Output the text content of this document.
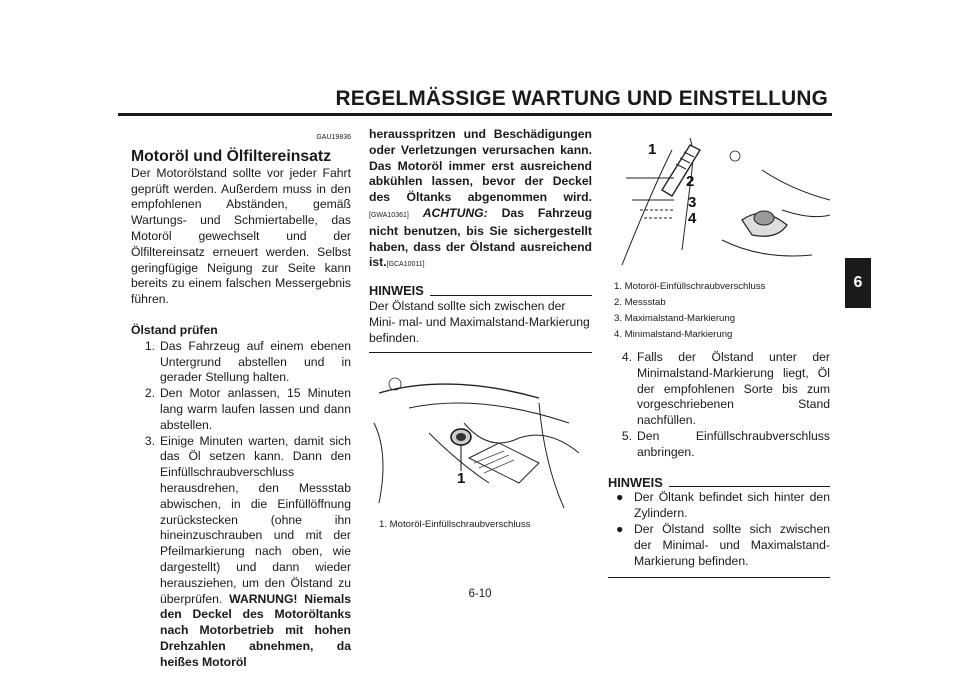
REGELMÄSSIGE WARTUNG UND EINSTELLUNG
6
GAU19836
Motoröl und Ölfiltereinsatz

Der Motorölstand sollte vor jeder Fahrt geprüft werden. Außerdem muss in den empfohlenen Abständen, gemäß Wartungs- und Schmiertabelle, das Motoröl gewechselt und der Ölfiltereinsatz erneuert werden. Selbst geringfügige Neigung zur Seite kann bereits zu einem falschen Messergebnis führen.

Ölstand prüfen

1. Das Fahrzeug auf einem ebenen Untergrund abstellen und in gerader Stellung halten.
2. Den Motor anlassen, 15 Minuten lang warm laufen lassen und dann abstellen.
3. Einige Minuten warten, damit sich das Öl setzen kann. Dann den Einfüllschraubverschluss herausdrehen, den Messstab abwischen, in die Einfüllöffnung zurückstecken (ohne ihn hineinzuschrauben und mit der Pfeilmarkierung nach oben, wie dargestellt) und dann wieder herausziehen, um den Ölstand zu überprüfen. WARNUNG! Niemals den Deckel des Motoröltanks nach Motorbetrieb mit hohen Drehzahlen abnehmen, da heißes Motoröl

herausspritzen und Beschädigungen oder Verletzungen verursachen kann. Das Motoröl immer erst ausreichend abkühlen lassen, bevor der Deckel des Öltanks abgenommen wird.[GWA10361] ACHTUNG: Das Fahrzeug nicht benutzen, bis Sie sichergestellt haben, dass der Ölstand ausreichend ist.[GCA10011]

HINWEIS

Der Ölstand sollte sich zwischen der Mini- mal- und Maximalstand-Markierung befinden.

1
1. Motoröl-Einfüllschraubverschluss
1
2
3
4
1. Motoröl-Einfüllschraubverschluss
2. Messstab
3. Maximalstand-Markierung
4. Minimalstand-Markierung
4. Falls der Ölstand unter der Minimalstand-Markierung liegt, Öl der empfohlenen Sorte bis zum vorgeschriebenen Stand nachfüllen.
5. Den Einfüllschraubverschluss anbringen.
HINWEIS
● Der Öltank befindet sich hinter den Zylindern.
● Der Ölstand sollte sich zwischen der Minimal- und Maximalstand-Markierung befinden.
6-10
